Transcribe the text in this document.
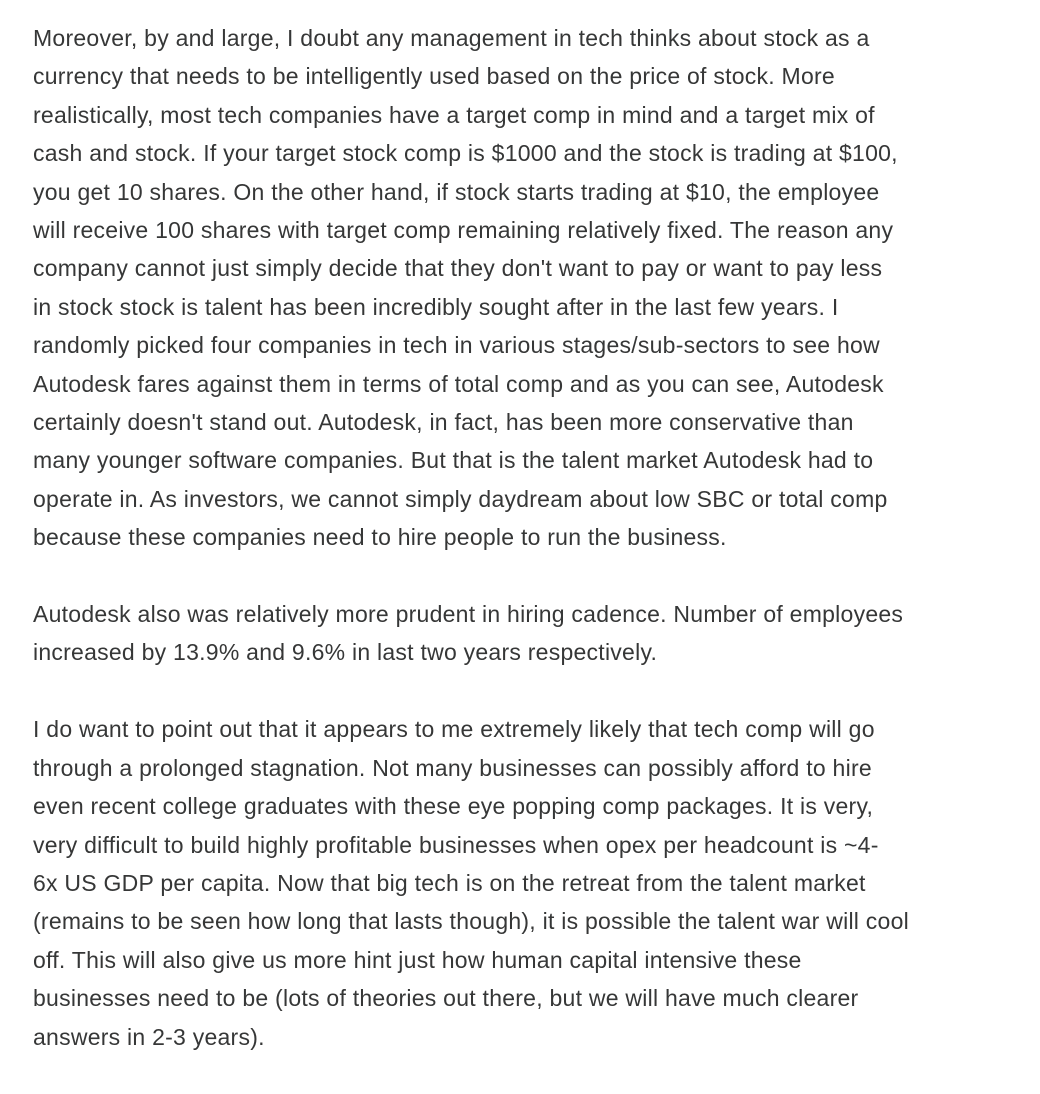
Moreover, by and large, I doubt any management in tech thinks about stock as a
currency that needs to be intelligently used based on the price of stock. More
realistically, most tech companies have a target comp in mind and a target mix of
cash and stock. If your target stock comp is $1000 and the stock is trading at $100,
you get 10 shares. On the other hand, if stock starts trading at $10, the employee
will receive 100 shares with target comp remaining relatively fixed. The reason any
company cannot just simply decide that they don't want to pay or want to pay less
in stock stock is talent has been incredibly sought after in the last few years. I
randomly picked four companies in tech in various stages/sub-sectors to see how
Autodesk fares against them in terms of total comp and as you can see, Autodesk
certainly doesn't stand out. Autodesk, in fact, has been more conservative than
many younger software companies. But that is the talent market Autodesk had to
operate in. As investors, we cannot simply daydream about low SBC or total comp
because these companies need to hire people to run the business.

Autodesk also was relatively more prudent in hiring cadence. Number of employees
increased by 13.9% and 9.6% in last two years respectively.

I do want to point out that it appears to me extremely likely that tech comp will go
through a prolonged stagnation. Not many businesses can possibly afford to hire
even recent college graduates with these eye popping comp packages. It is very,
very difficult to build highly profitable businesses when opex per headcount is ~4-
6x US GDP per capita. Now that big tech is on the retreat from the talent market
(remains to be seen how long that lasts though), it is possible the talent war will cool
off. This will also give us more hint just how human capital intensive these
businesses need to be (lots of theories out there, but we will have much clearer
answers in 2-3 years).
